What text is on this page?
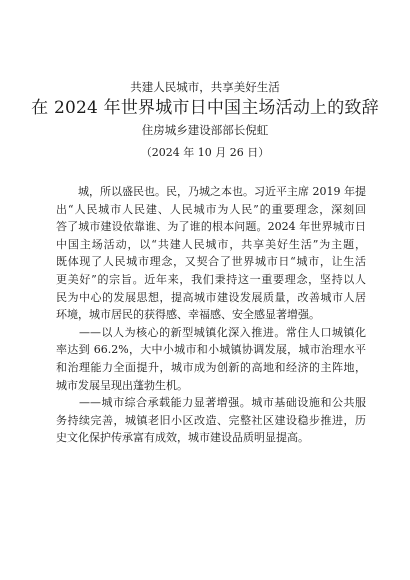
共建人民城市，共享美好生活
在 2024 年世界城市日中国主场活动上的致辞
住房城乡建设部部长倪虹
（2024 年 10 月 26 日）

　　城，所以盛民也。民，乃城之本也。习近平主席 2019 年提
出“人民城市人民建、人民城市为人民”的重要理念，深刻回
答了城市建设依靠谁、为了谁的根本问题。2024 年世界城市日
中国主场活动，以“共建人民城市，共享美好生活”为主题，
既体现了人民城市理念，又契合了世界城市日“城市，让生活
更美好”的宗旨。近年来，我们秉持这一重要理念，坚持以人
民为中心的发展思想，提高城市建设发展质量，改善城市人居
环境，城市居民的获得感、幸福感、安全感显著增强。

　　——以人为核心的新型城镇化深入推进。常住人口城镇化
率达到 66.2%，大中小城市和小城镇协调发展，城市治理水平
和治理能力全面提升，城市成为创新的高地和经济的主阵地，
城市发展呈现出蓬勃生机。

　　——城市综合承载能力显著增强。城市基础设施和公共服
务持续完善，城镇老旧小区改造、完整社区建设稳步推进，历
史文化保护传承富有成效，城市建设品质明显提高。
